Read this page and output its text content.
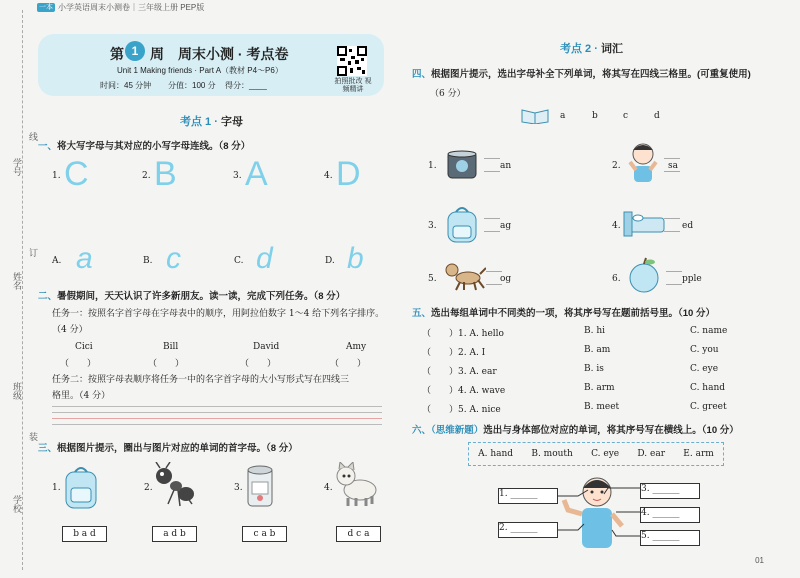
一本 小学英语周末小测卷｜三年级上册 PEP版
学号
姓名
班级
学校
线
订
装
第 1 周　周末小测 · 考点卷
Unit 1 Making friends · Part A（教材 P4～P6）
时间：45 分钟 分值：100 分 得分：____	拍照批改 视频精讲
考点 1 · 字母
一、将大写字母与其对应的小写字母连线。（8 分）
1. C	2. B	3. A	4. D
A. a	B. c	C. d	D. b
二、暑假期间，天天认识了许多新朋友。读一读，完成下列任务。（8 分）
任务一：按照名字首字母在字母表中的顺序，用阿拉伯数字 1～4 给下列名字排序。
（4 分）
Cici	Bill	David	Amy
（　　）	（　　）	（　　）	（　　）
任务二：按照字母表顺序将任务一中的名字首字母的大小写形式写在四线三
格里。（4 分）
三、根据图片提示，圈出与图片对应的单词的首字母。（8 分）
1.
b a d
2.
a d b
3.
c a b
4.
d c a
考点 2 · 词汇
四、根据图片提示，选出字母补全下列单词，将其写在四线三格里。(可重复使用)
（6 分）
a	b	c	d
1.	an	2.	sa
3.	ag	4.	ed
5.	og	6.	pple
五、选出每组单词中不同类的一项，将其序号写在题前括号里。（10 分）
（　　）1. A. hello	B. hi	C. name
（　　）2. A. I	B. am	C. you
（　　）3. A. ear	B. is	C. eye
（　　）4. A. wave	B. arm	C. hand
（　　）5. A. nice	B. meet	C. greet
六、（思维新题）选出与身体部位对应的单词，将其序号写在横线上。（10 分）
A. hand B. mouth C. eye D. ear E. arm
1. ______
2. ______
3. ______
4. ______
5. ______
01
